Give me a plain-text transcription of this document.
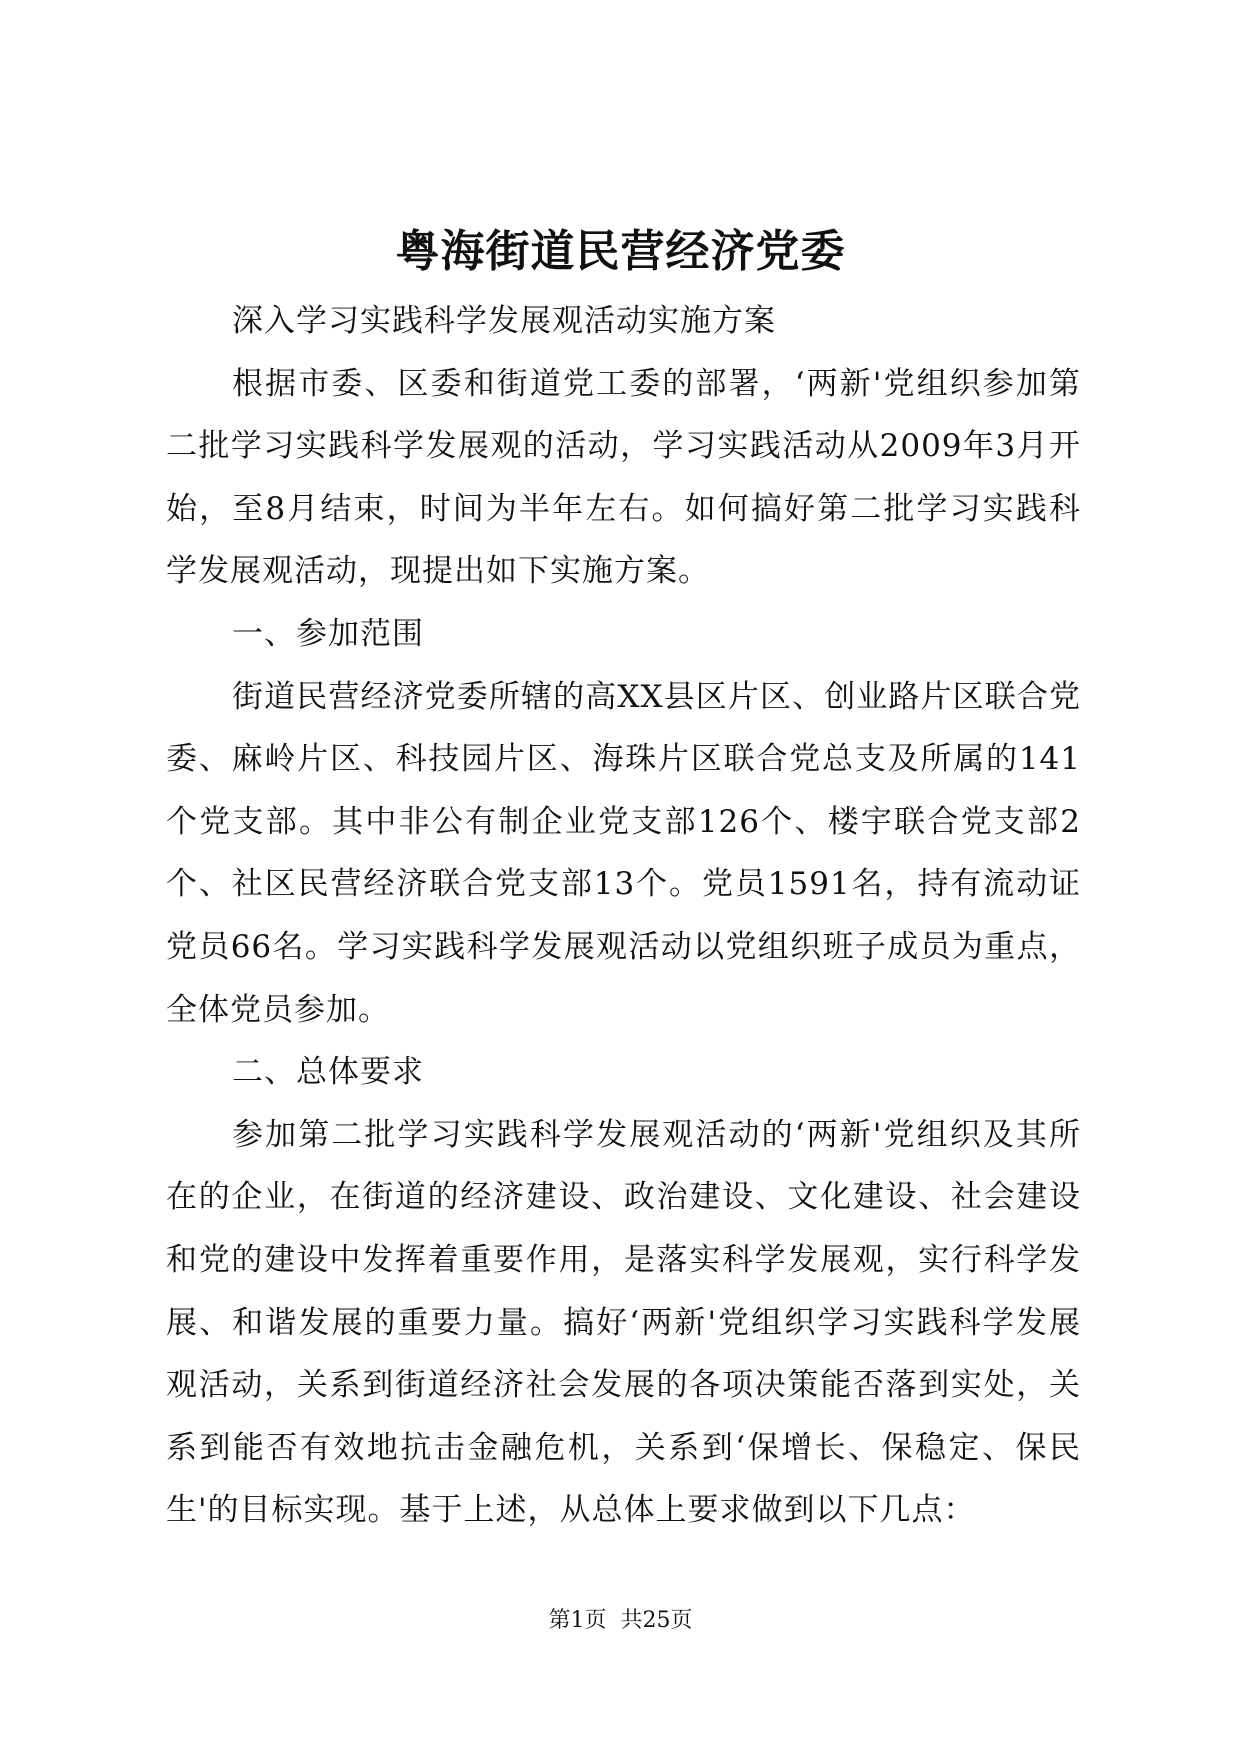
粤海街道民营经济党委

深入学习实践科学发展观活动实施方案

根据市委、区委和街道党工委的部署，‘两新'党组织参加第二批学习实践科学发展观的活动，学习实践活动从2009年3月开始，至8月结束，时间为半年左右。如何搞好第二批学习实践科学发展观活动，现提出如下实施方案。

一、参加范围

街道民营经济党委所辖的高XX县区片区、创业路片区联合党委、麻岭片区、科技园片区、海珠片区联合党总支及所属的141个党支部。其中非公有制企业党支部126个、楼宇联合党支部2个、社区民营经济联合党支部13个。党员1591名，持有流动证党员66名。学习实践科学发展观活动以党组织班子成员为重点，全体党员参加。

二、总体要求

参加第二批学习实践科学发展观活动的‘两新'党组织及其所在的企业，在街道的经济建设、政治建设、文化建设、社会建设和党的建设中发挥着重要作用，是落实科学发展观，实行科学发展、和谐发展的重要力量。搞好‘两新'党组织学习实践科学发展观活动，关系到街道经济社会发展的各项决策能否落到实处，关系到能否有效地抗击金融危机，关系到‘保增长、保稳定、保民生'的目标实现。基于上述，从总体上要求做到以下几点：

第1页  共25页
